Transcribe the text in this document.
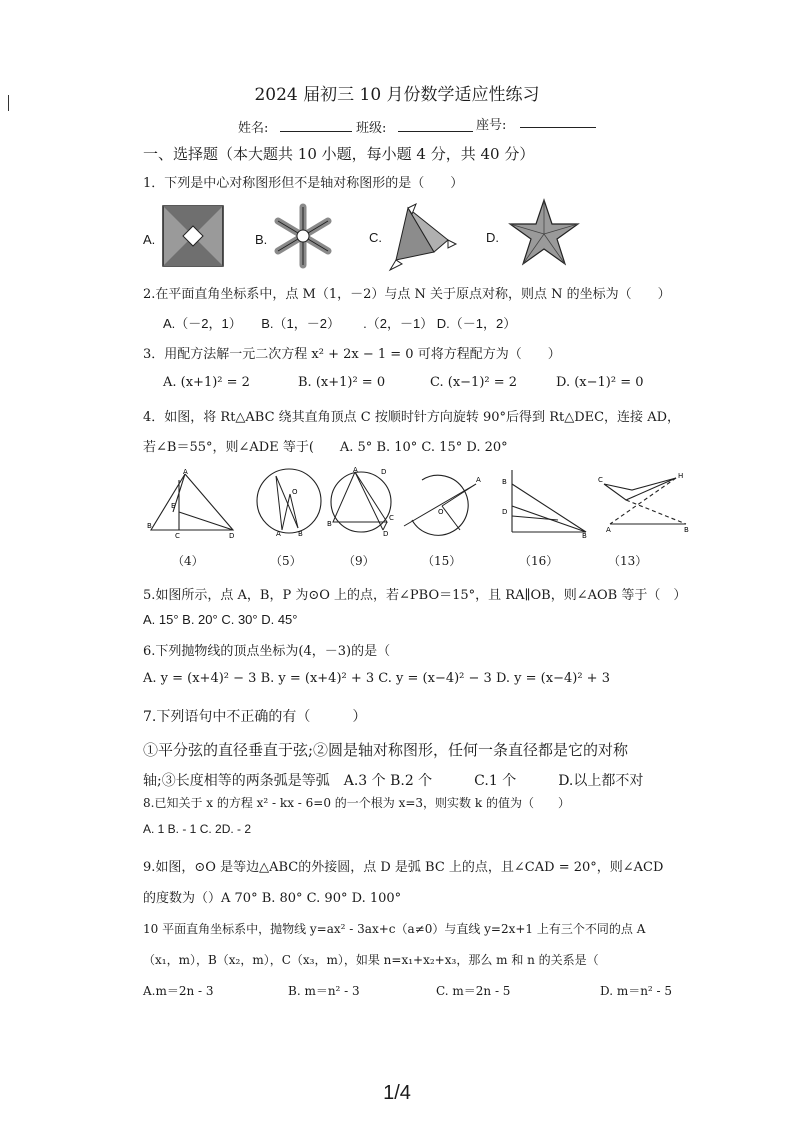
2024 届初三 10 月份数学适应性练习
姓名:	班级:	座号:
一、选择题（本大题共 10 小题，每小题 4 分，共 40 分）
1．下列是中心对称图形但不是轴对称图形的是（　　）
A.	B.	C.	D.
2.在平面直角坐标系中，点 M（1，－2）与点 N 关于原点对称，则点 N 的坐标为（　　）
A.（－2，1）　　B.（1，－2）　　 .（2，－1） D.（－1，2）
3．用配方法解一元二次方程 x² + 2x − 1 = 0 可将方程配方为（　　）
A. (x+1)² = 2	B. (x+1)² = 0	C. (x−1)² = 2	D. (x−1)² = 0
4．如图，将 Rt△ABC 绕其直角顶点 C 按顺时针方向旋转 90°后得到 Rt△DEC，连接 AD，
若∠B＝55°，则∠ADE 等于(　　A. 5° B. 10° C. 15° D. 20°
A
B
E
C	D
O
A B
A
B
C
D
D
A
O
B
D
B
C	H
A	B
（4）	（5）	（9）	（15）	（16）	（13）
5.如图所示，点 A，B，P 为⊙O 上的点，若∠PBO＝15°，且 RA∥OB，则∠AOB 等于（　）
A. 15° B. 20° C. 30° D. 45°
6.下列抛物线的顶点坐标为(4，－3)的是（
A. y = (x+4)² − 3 B. y = (x+4)² + 3 C. y = (x−4)² − 3 D. y = (x−4)² + 3
7.下列语句中不正确的有（　　　）
①平分弦的直径垂直于弦;②圆是轴对称图形，任何一条直径都是它的对称
轴;③长度相等的两条弧是等弧　A.3 个 B.2 个　　　C.1 个　　　D.以上都不对
8.已知关于 x 的方程 x² - kx - 6=0 的一个根为 x=3，则实数 k 的值为（　　）
A. 1 B. - 1 C. 2D. - 2
9.如图，⊙O 是等边△ABC的外接圆，点 D 是弧 BC 上的点，且∠CAD = 20°，则∠ACD
的度数为（）A 70° B. 80° C. 90° D. 100°
10 平面直角坐标系中，抛物线 y=ax² - 3ax+c（a≠0）与直线 y=2x+1 上有三个不同的点 A
（x₁，m），B（x₂，m），C（x₃，m），如果 n=x₁+x₂+x₃，那么 m 和 n 的关系是（
A.m＝2n - 3	B. m＝n² - 3	C. m＝2n - 5	D. m＝n² - 5
1/4
